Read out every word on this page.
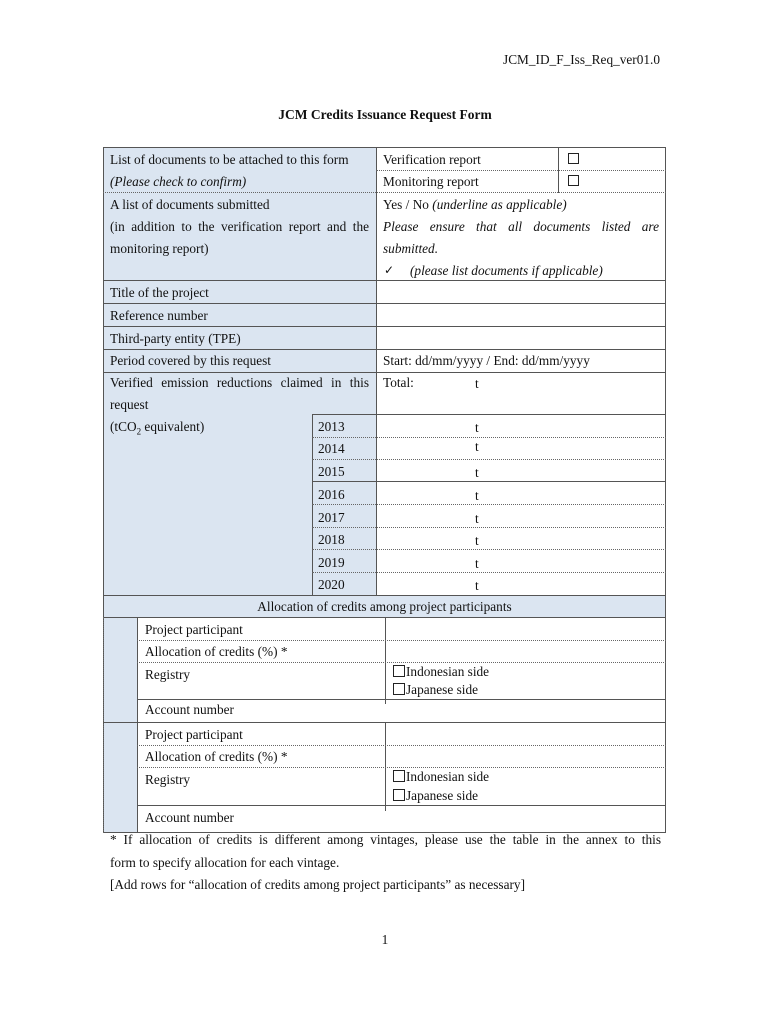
JCM_ID_F_Iss_Req_ver01.0
JCM Credits Issuance Request Form
List of documents to be attached to this form
(Please check to confirm)
Verification report
Monitoring report
A list of documents submitted
(in addition to the verification report and the
monitoring report)
Yes / No (underline as applicable)
Please ensure that all documents listed are
submitted.
✓ (please list documents if applicable)
Title of the project
Reference number
Third-party entity (TPE)
Period covered by this request	Start: dd/mm/yyyy / End: dd/mm/yyyy
Verified emission reductions claimed in this
request
(tCO$_2$ equivalent)
Total:	t
2013
2014
2015
2016
2017
2018
2019
2020
t
t
t
t
t
t
t
t
Allocation of credits among project participants
Project participant
Allocation of credits (%) *
Registry
Account number
Indonesian side
Japanese side
Project participant
Allocation of credits (%) *
Registry
Account number
Indonesian side
Japanese side
* If allocation of credits is different among vintages, please use the table in the annex to this
form to specify allocation for each vintage.
[Add rows for “allocation of credits among project participants” as necessary]
1
